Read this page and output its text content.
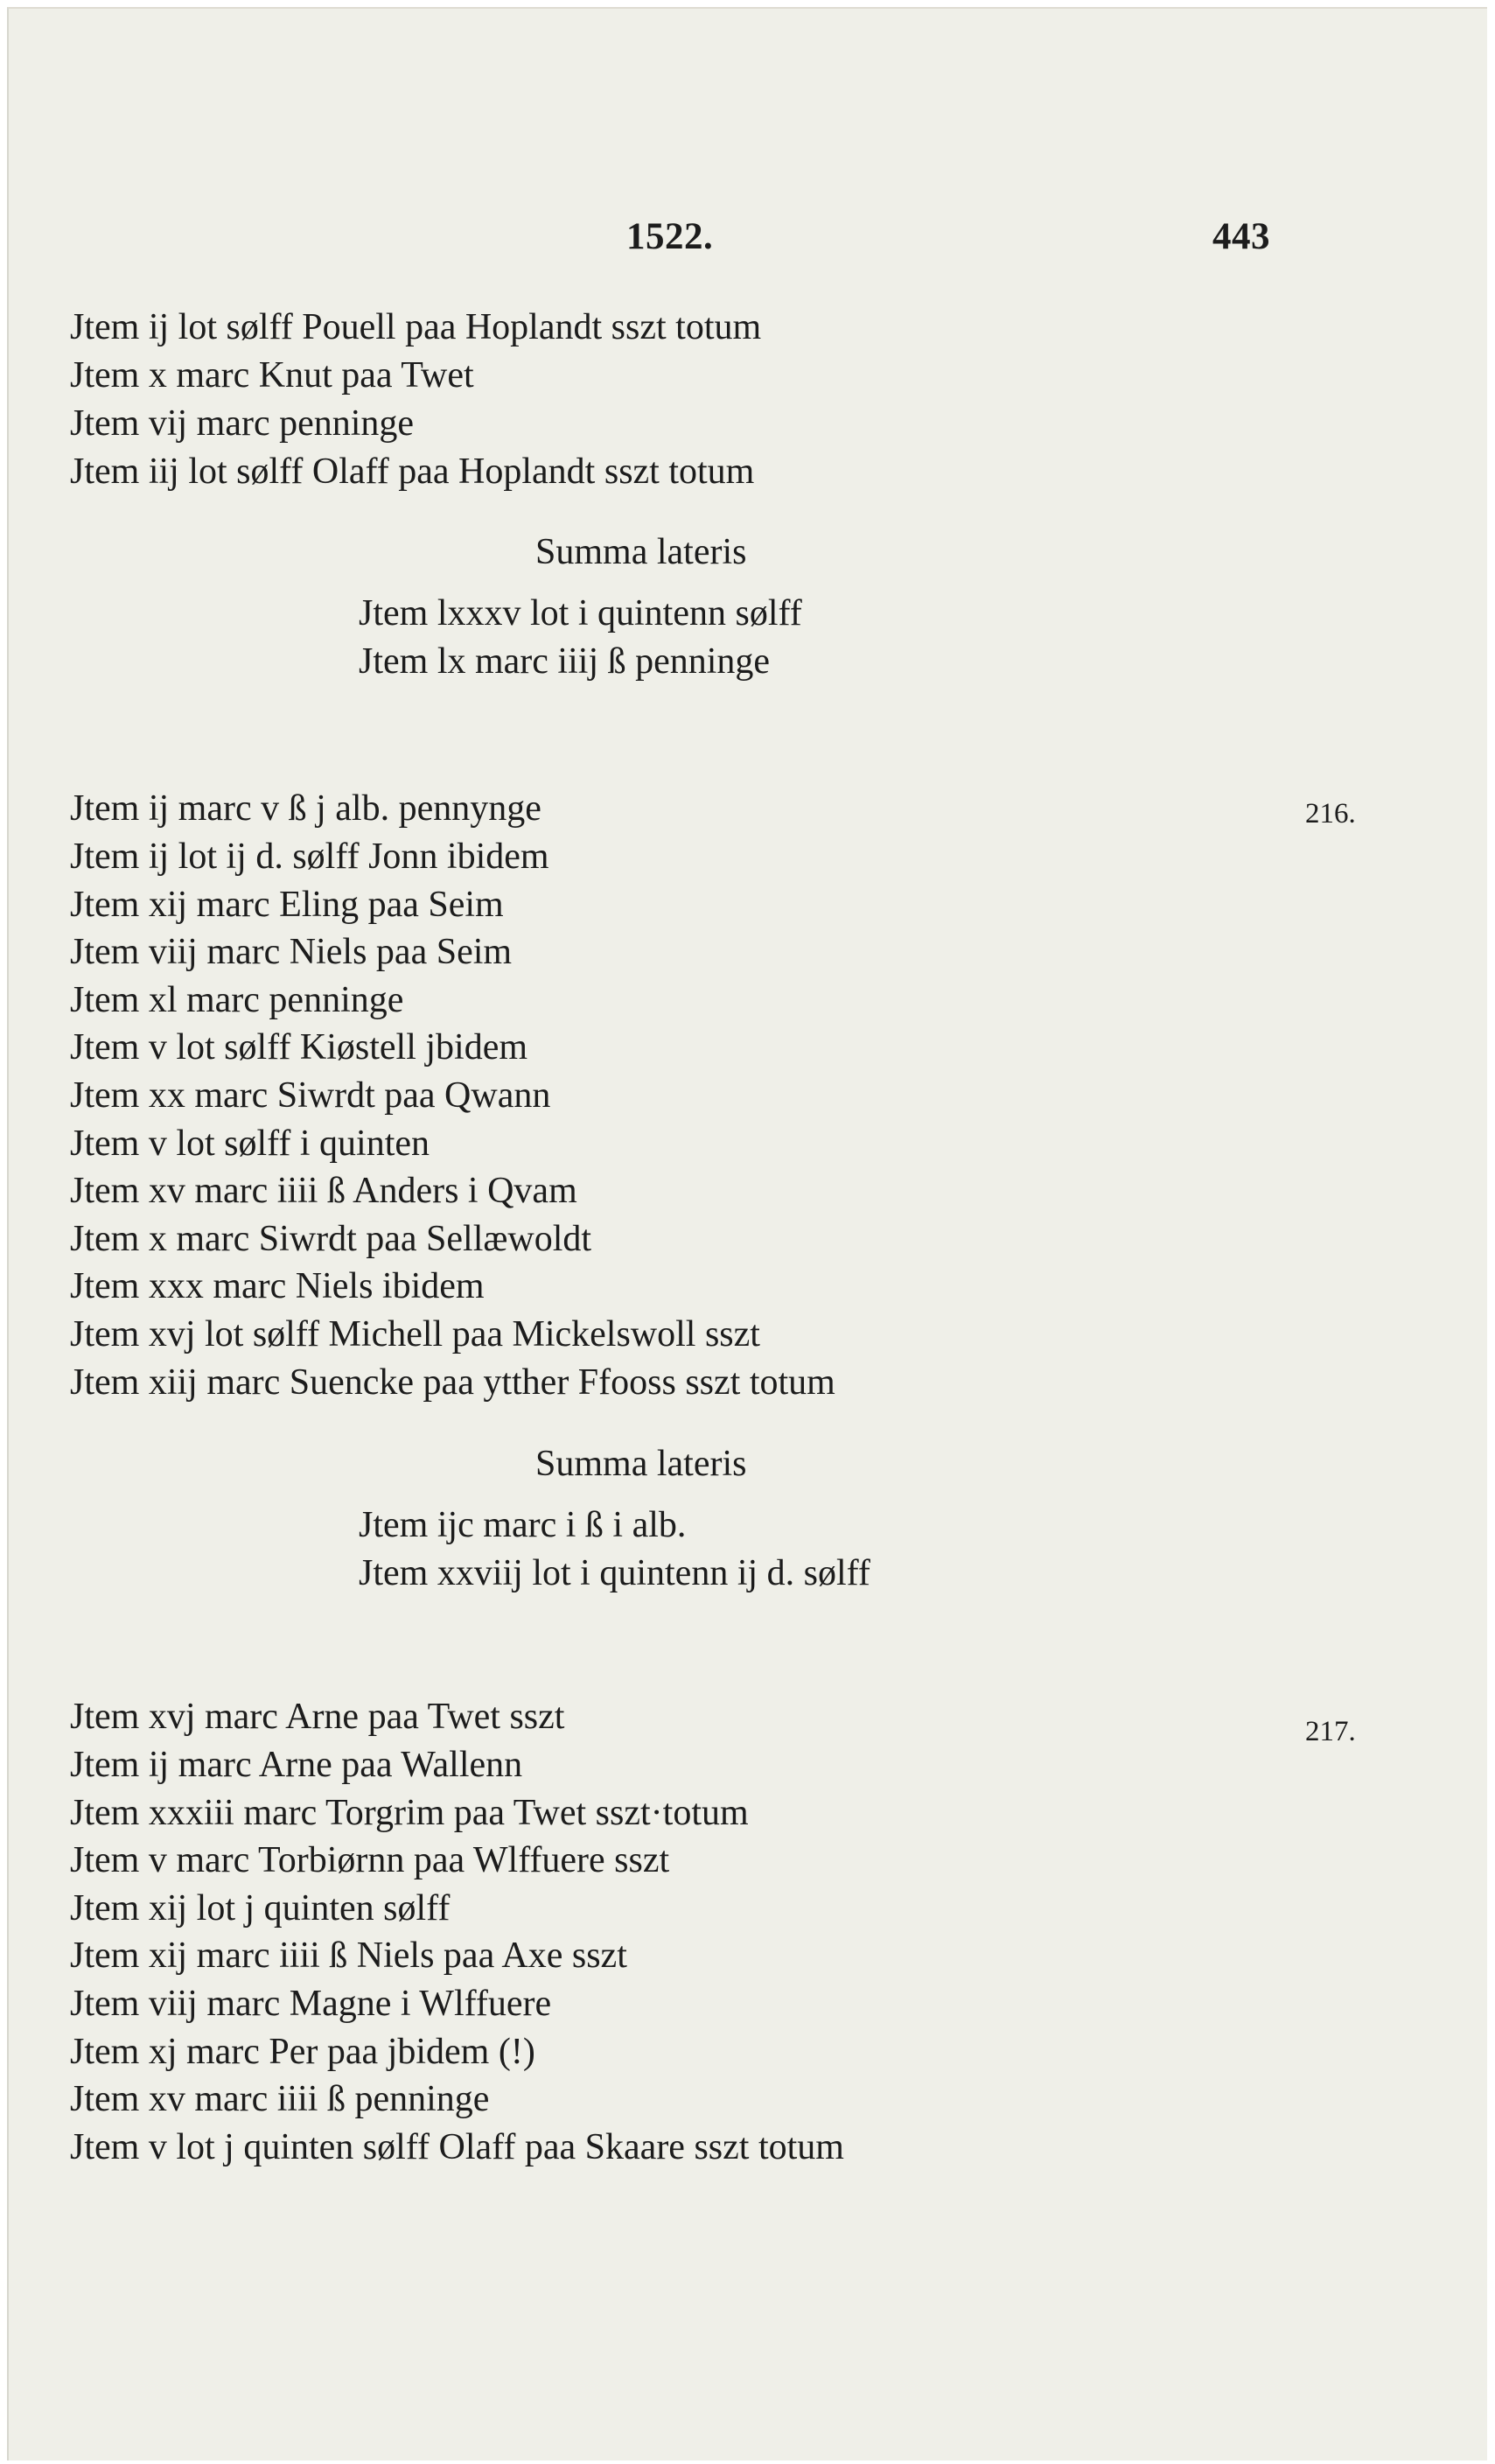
1522.	443
Jtem ij lot sølff Pouell paa Hoplandt sszt totum
Jtem x marc Knut paa Twet
Jtem vij marc penninge
Jtem iij lot sølff Olaff paa Hoplandt sszt totum
Summa lateris
Jtem lxxxv lot i quintenn sølff
Jtem lx marc iiij ß penninge
216.
Jtem ij marc v ß j alb. pennynge
Jtem ij lot ij d. sølff Jonn ibidem
Jtem xij marc Eling paa Seim
Jtem viij marc Niels paa Seim
Jtem xl marc penninge
Jtem v lot sølff Kiøstell jbidem
Jtem xx marc Siwrdt paa Qwann
Jtem v lot sølff i quinten
Jtem xv marc iiii ß Anders i Qvam
Jtem x marc Siwrdt paa Sellæwoldt
Jtem xxx marc Niels ibidem
Jtem xvj lot sølff Michell paa Mickelswoll sszt
Jtem xiij marc Suencke paa ytther Ffooss sszt totum
Summa lateris
Jtem ijc marc i ß i alb.
Jtem xxviij lot i quintenn ij d. sølff
217.
Jtem xvj marc Arne paa Twet sszt
Jtem ij marc Arne paa Wallenn
Jtem xxxiii marc Torgrim paa Twet sszt·totum
Jtem v marc Torbiørnn paa Wlffuere sszt
Jtem xij lot j quinten sølff
Jtem xij marc iiii ß Niels paa Axe sszt
Jtem viij marc Magne i Wlffuere
Jtem xj marc Per paa jbidem (!)
Jtem xv marc iiii ß penninge
Jtem v lot j quinten sølff Olaff paa Skaare sszt totum
